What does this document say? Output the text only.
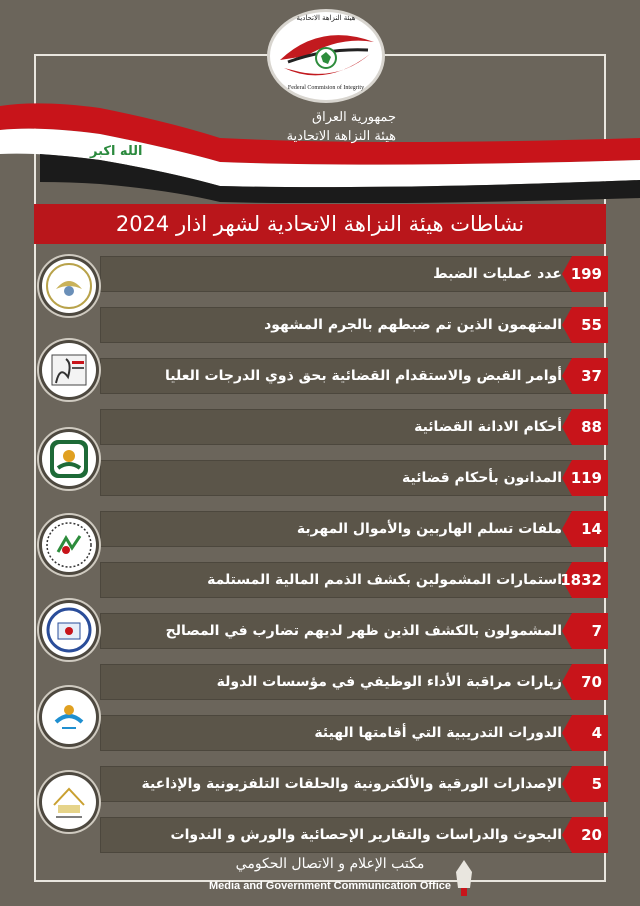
هيئة النزاهة الاتحادية
Federal Commision of Integrity
الله اكبر
جمهورية العراق
هيئة النزاهة الاتحادية
نشاطات هيئة النزاهة الاتحادية لشهر اذار 2024
عدد عمليات الضبط 199
المتهمون الذين تم ضبطهم بالجرم المشهود 55
أوامر القبض والاستقدام القضائية بحق ذوي الدرجات العليا 37
أحكام الادانة القضائية 88
المدانون بأحكام قضائية 119
ملفات تسلم الهاربين والأموال المهربة 14
استمارات المشمولين بكشف الذمم المالية المستلمة
1832
المشمولون بالكشف الذين ظهر لديهم تضارب في المصالح 7
زيارات مراقبة الأداء الوظيفي في مؤسسات الدولة 70
الدورات التدريبية التي أقامتها الهيئة 4
الإصدارات الورقية والألكترونية والحلقات التلفزيونية والإذاعية 5
البحوث والدراسات والتقارير الإحصائية والورش و الندوات 20
مكتب الإعلام و الاتصال الحكومي
Media and Government Communication Office
